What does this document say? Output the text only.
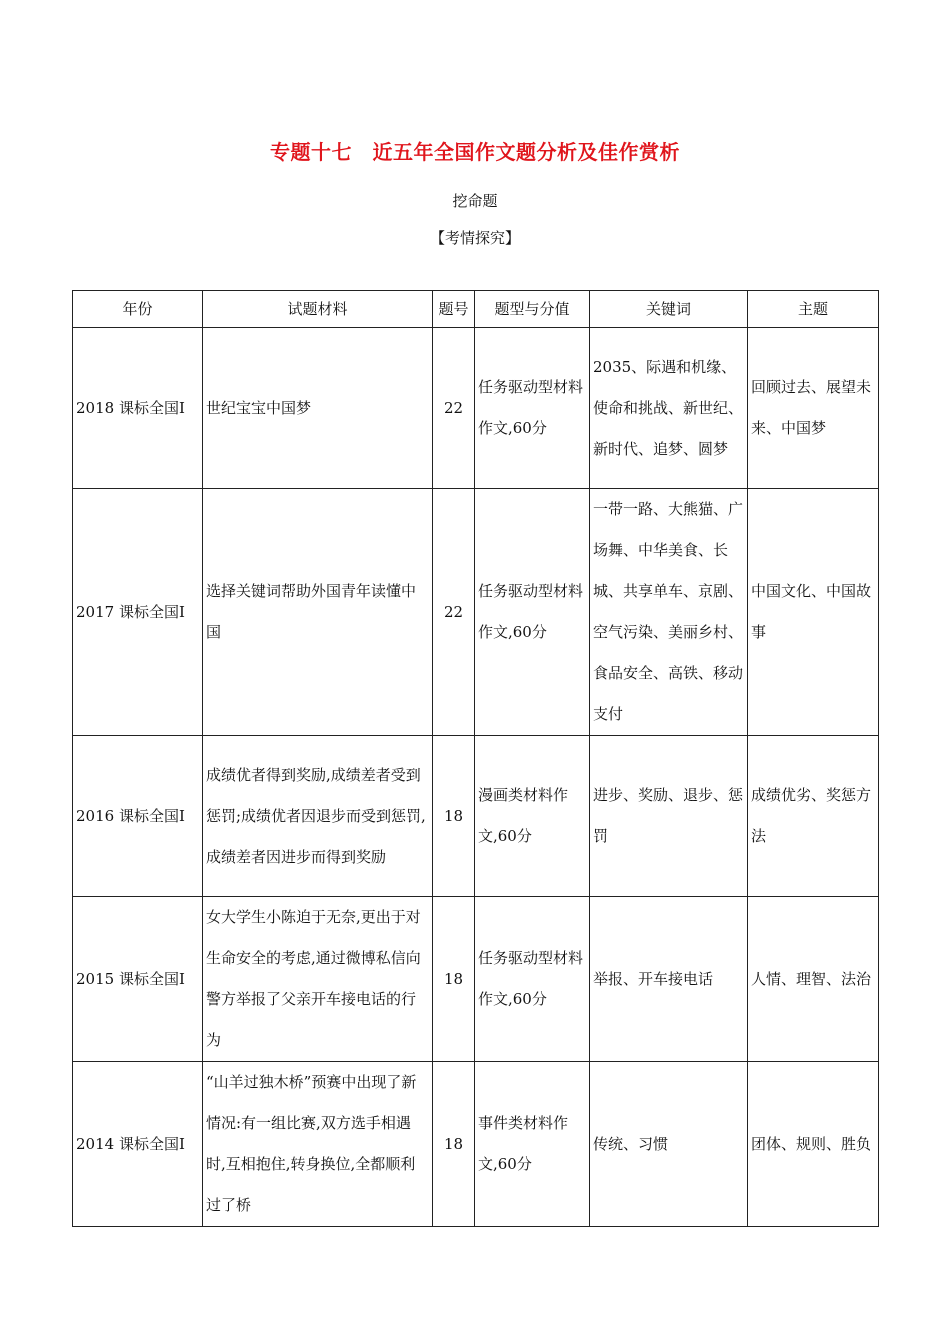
专题十七　近五年全国作文题分析及佳作赏析
挖命题
【考情探究】
年份	试题材料	题号	题型与分值	关键词	主题
2018 课标全国Ⅰ	世纪宝宝中国梦	22	任务驱动型材料作文,60分	2035、际遇和机缘、使命和挑战、新世纪、新时代、追梦、圆梦	回顾过去、展望未来、中国梦
2017 课标全国Ⅰ	选择关键词帮助外国青年读懂中国	22	任务驱动型材料作文,60分	一带一路、大熊猫、广场舞、中华美食、长城、共享单车、京剧、空气污染、美丽乡村、食品安全、高铁、移动支付	中国文化、中国故事
2016 课标全国Ⅰ	成绩优者得到奖励,成绩差者受到惩罚;成绩优者因退步而受到惩罚,成绩差者因进步而得到奖励	18	漫画类材料作文,60分	进步、奖励、退步、惩罚	成绩优劣、奖惩方法
2015 课标全国Ⅰ	女大学生小陈迫于无奈,更出于对生命安全的考虑,通过微博私信向警方举报了父亲开车接电话的行为	18	任务驱动型材料作文,60分	举报、开车接电话	人情、理智、法治
2014 课标全国Ⅰ	“山羊过独木桥”预赛中出现了新情况:有一组比赛,双方选手相遇时,互相抱住,转身换位,全都顺利过了桥	18	事件类材料作文,60分	传统、习惯	团体、规则、胜负
